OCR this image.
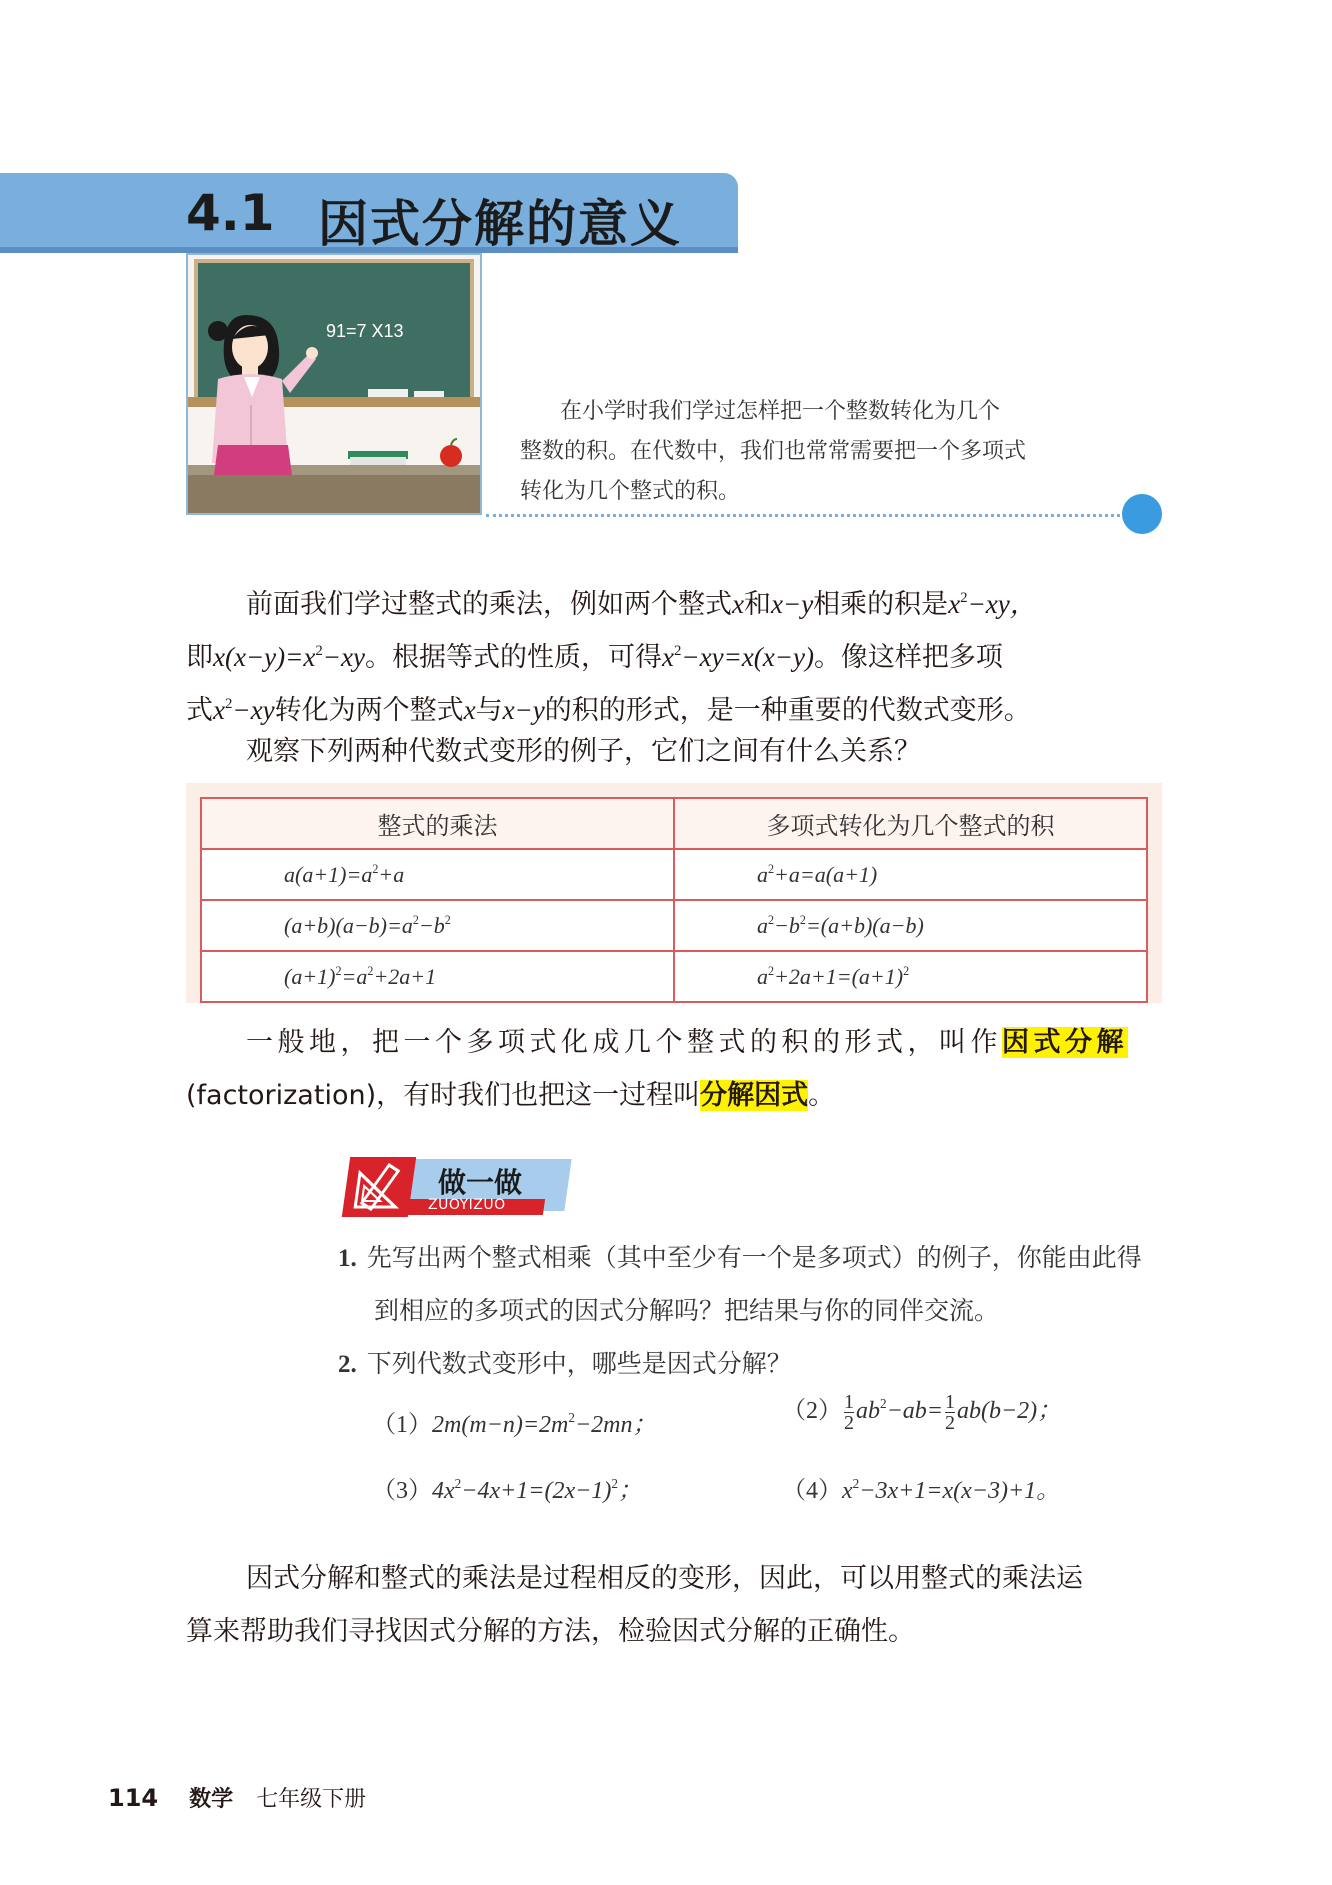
4.1 因式分解的意义
91=7 X13
在小学时我们学过怎样把一个整数转化为几个
整数的积。在代数中，我们也常常需要把一个多项式
转化为几个整式的积。
前面我们学过整式的乘法，例如两个整式x和x−y相乘的积是$x^2-xy$，
即$x(x-y)=x^2-xy$。根据等式的性质，可得$x^2-xy=x(x-y)$。像这样把多项
式$x^2-xy$转化为两个整式x与x−y的积的形式，是一种重要的代数式变形。
观察下列两种代数式变形的例子，它们之间有什么关系？
整式的乘法	多项式转化为几个整式的积
$a(a+1)=a^2+a$	$a^2+a=a(a+1)$
$(a+b)(a-b)=a^2-b^2$	$a^2-b^2=(a+b)(a-b)$
$(a+1)^2=a^2+2a+1$	$a^2+2a+1=(a+1)^2$
一般地，把一个多项式化成几个整式的积的形式，叫作因式分解
(factorization)，有时我们也把这一过程叫分解因式。
做一做
ZUOYIZUO
1. 先写出两个整式相乘（其中至少有一个是多项式）的例子，你能由此得
到相应的多项式的因式分解吗？把结果与你的同伴交流。
2. 下列代数式变形中，哪些是因式分解？
$(1)2m(m-n)=2m^2-2mn$；
$(2) \frac{1}{2} ab^2-ab= \frac{1}{2} ab(b-2)$；
$(3)4x^2-4x+1=(2x-1)^2$；	$(4)x^2-3x+1=x(x-3)+1$。
因式分解和整式的乘法是过程相反的变形，因此，可以用整式的乘法运
算来帮助我们寻找因式分解的方法，检验因式分解的正确性。
114 数学 七年级下册
